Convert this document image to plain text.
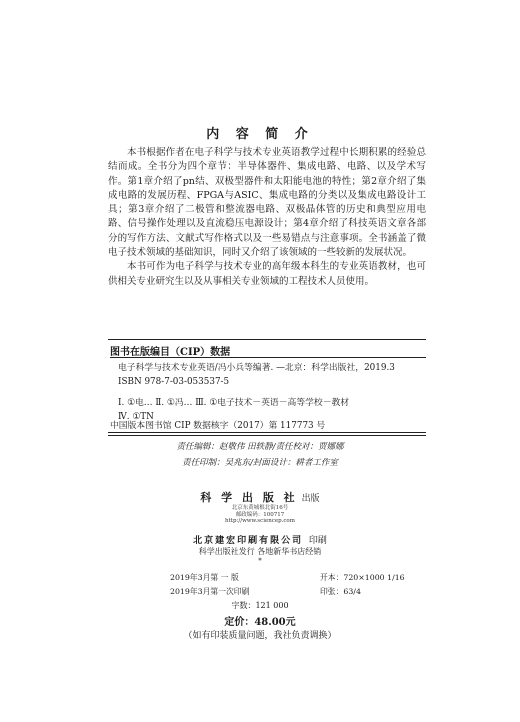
内 容 简 介

本书根据作者在电子科学与技术专业英语教学过程中长期积累的经验总结而成。全书分为四个章节：半导体器件、集成电路、电路、以及学术写作。第1章介绍了pn结、双极型器件和太阳能电池的特性；第2章介绍了集成电路的发展历程、FPGA与ASIC、集成电路的分类以及集成电路设计工具；第3章介绍了二极管和整流器电路、双极晶体管的历史和典型应用电路、信号操作处理以及直流稳压电源设计；第4章介绍了科技英语文章各部分的写作方法、文献式写作格式以及一些易错点与注意事项。全书涵盖了微电子技术领域的基础知识，同时又介绍了该领域的一些较新的发展状况。

本书可作为电子科学与技术专业的高年级本科生的专业英语教材，也可供相关专业研究生以及从事相关专业领域的工程技术人员使用。

图书在版编目（CIP）数据
电子科学与技术专业英语/冯小兵等编著. —北京：科学出版社，2019.3
ISBN 978-7-03-053537-5
Ⅰ. ①电… Ⅱ. ①冯… Ⅲ. ①电子技术－英语－高等学校－教材
Ⅳ. ①TN
中国版本图书馆 CIP 数据核字（2017）第 117773 号
责任编辑：赵敬伟 田轶静/责任校对：贾娜娜
责任印制：吴兆东/封面设计：耕者工作室
科 学 出 版 社 出版
北京东黄城根北街16号
邮政编码：100717
http://www.sciencep.com
北京建宏印刷有限公司 印刷
科学出版社发行 各地新华书店经销
*
2019年3月第 一 版	开本：720×1000 1/16
2019年3月第一次印刷	印张：63/4
字数：121 000
定价：48.00元
（如有印装质量问题，我社负责调换）
